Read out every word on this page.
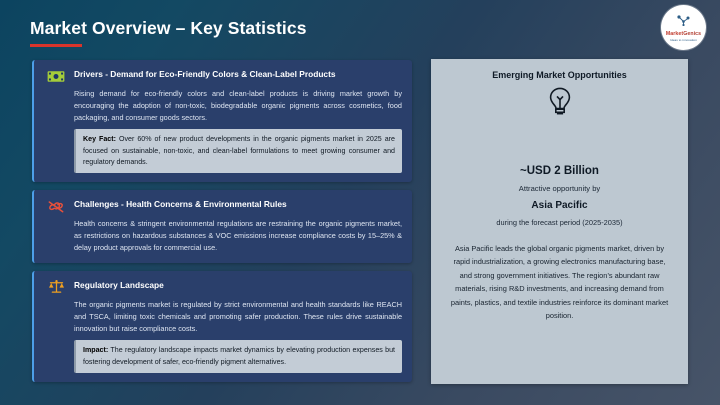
Market Overview – Key Statistics	MarketGenics
Ideas to innovation
Drivers - Demand for Eco-Friendly Colors & Clean-Label Products
Rising demand for eco-friendly colors and clean-label products is driving market growth by encouraging the adoption of non-toxic, biodegradable organic pigments across cosmetics, food packaging, and consumer goods sectors.
Key Fact: Over 60% of new product developments in the organic pigments market in 2025 are focused on sustainable, non-toxic, and clean-label formulations to meet growing consumer and regulatory demands.
Challenges - Health Concerns & Environmental Rules
Health concerns & stringent environmental regulations are restraining the organic pigments market, as restrictions on hazardous substances & VOC emissions increase compliance costs by 15–25% & delay product approvals for commercial use.
Regulatory Landscape
The organic pigments market is regulated by strict environmental and health standards like REACH and TSCA, limiting toxic chemicals and promoting safer production. These rules drive sustainable innovation but raise compliance costs.
Impact: The regulatory landscape impacts market dynamics by elevating production expenses but fostering development of safer, eco-friendly pigment alternatives.
Emerging Market Opportunities
~USD 2 Billion
Attractive opportunity by
Asia Pacific
during the forecast period (2025-2035)
Asia Pacific leads the global organic pigments market, driven by rapid industrialization, a growing electronics manufacturing base, and strong government initiatives. The region’s abundant raw materials, rising R&D investments, and increasing demand from paints, plastics, and textile industries reinforce its dominant market position.
